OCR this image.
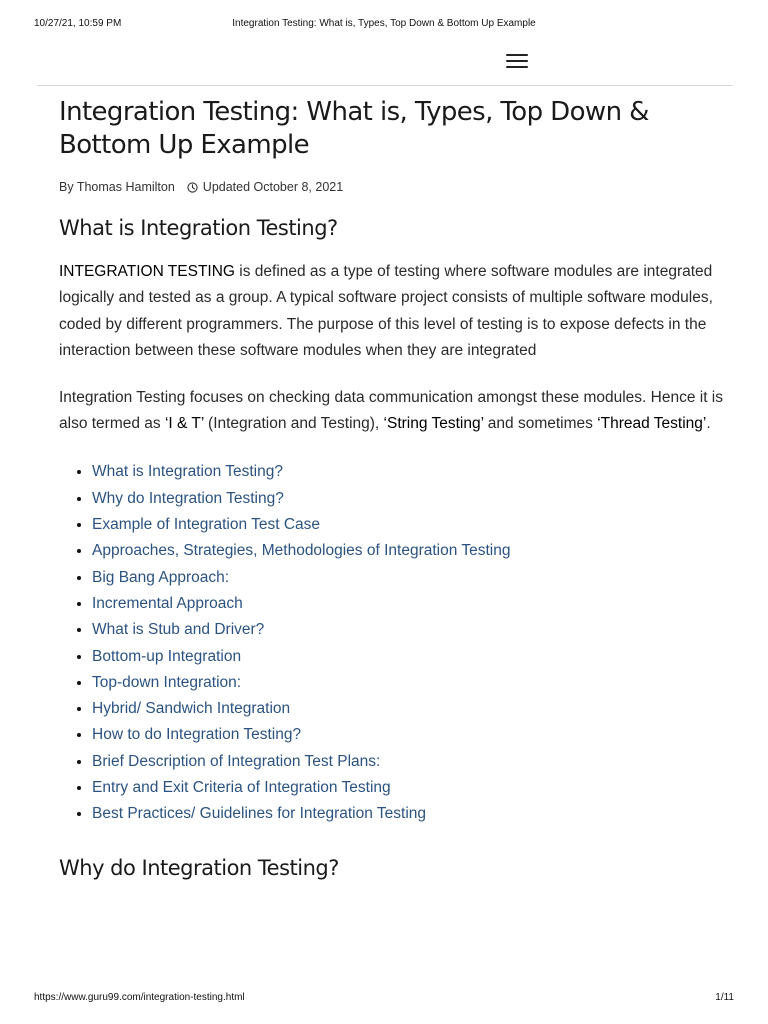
10/27/21, 10:59 PM	Integration Testing: What is, Types, Top Down & Bottom Up Example
Integration Testing: What is, Types, Top Down & Bottom Up Example
By Thomas Hamilton Updated October 8, 2021
What is Integration Testing?

INTEGRATION TESTING is defined as a type of testing where software modules are integrated logically and tested as a group. A typical software project consists of multiple software modules, coded by different programmers. The purpose of this level of testing is to expose defects in the interaction between these software modules when they are integrated

Integration Testing focuses on checking data communication amongst these modules. Hence it is also termed as ‘I & T’ (Integration and Testing), ‘String Testing’ and sometimes ‘Thread Testing’.

• What is Integration Testing?
• Why do Integration Testing?
• Example of Integration Test Case
• Approaches, Strategies, Methodologies of Integration Testing
• Big Bang Approach:
• Incremental Approach
• What is Stub and Driver?
• Bottom-up Integration
• Top-down Integration:
• Hybrid/ Sandwich Integration
• How to do Integration Testing?
• Brief Description of Integration Test Plans:
• Entry and Exit Criteria of Integration Testing
• Best Practices/ Guidelines for Integration Testing
Why do Integration Testing?
https://www.guru99.com/integration-testing.html	1/11
